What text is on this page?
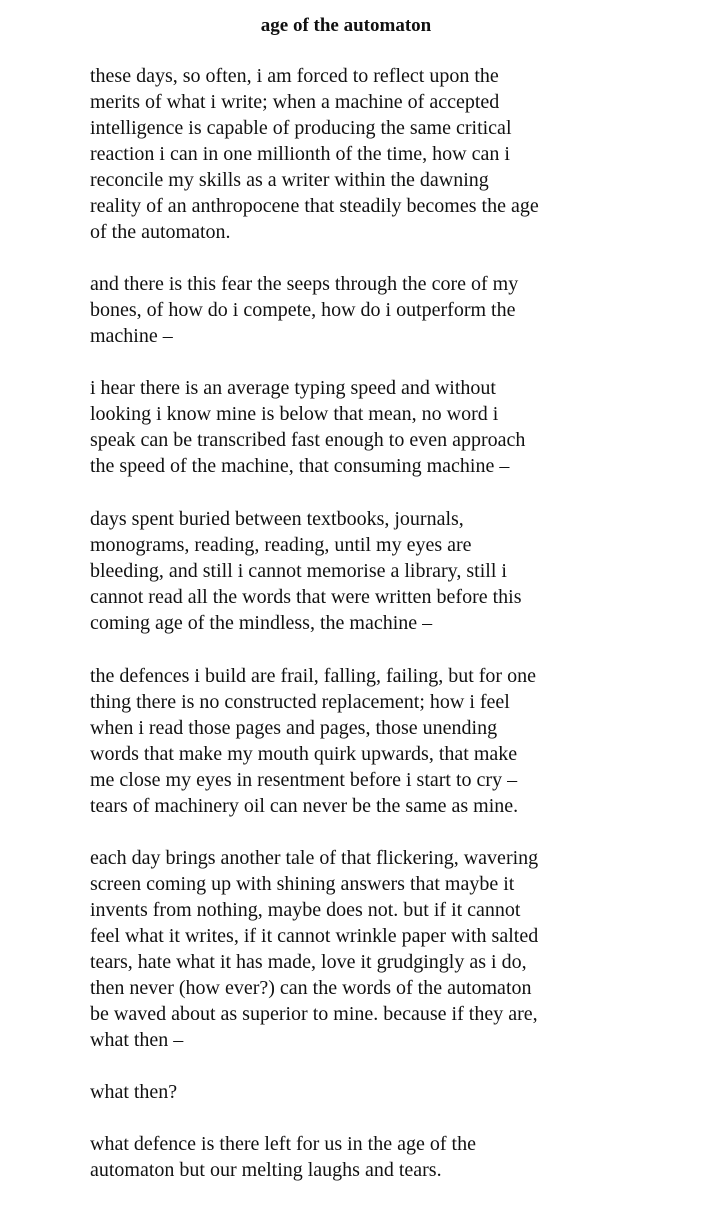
age of the automaton

these days, so often, i am forced to reflect upon the
merits of what i write; when a machine of accepted
intelligence is capable of producing the same critical
reaction i can in one millionth of the time, how can i
reconcile my skills as a writer within the dawning
reality of an anthropocene that steadily becomes the age
of the automaton.

and there is this fear the seeps through the core of my
bones, of how do i compete, how do i outperform the
machine –

i hear there is an average typing speed and without
looking i know mine is below that mean, no word i
speak can be transcribed fast enough to even approach
the speed of the machine, that consuming machine –

days spent buried between textbooks, journals,
monograms, reading, reading, until my eyes are
bleeding, and still i cannot memorise a library, still i
cannot read all the words that were written before this
coming age of the mindless, the machine –

the defences i build are frail, falling, failing, but for one
thing there is no constructed replacement; how i feel
when i read those pages and pages, those unending
words that make my mouth quirk upwards, that make
me close my eyes in resentment before i start to cry –
tears of machinery oil can never be the same as mine.

each day brings another tale of that flickering, wavering
screen coming up with shining answers that maybe it
invents from nothing, maybe does not. but if it cannot
feel what it writes, if it cannot wrinkle paper with salted
tears, hate what it has made, love it grudgingly as i do,
then never (how ever?) can the words of the automaton
be waved about as superior to mine. because if they are,
what then –

what then?

what defence is there left for us in the age of the
automaton but our melting laughs and tears.
